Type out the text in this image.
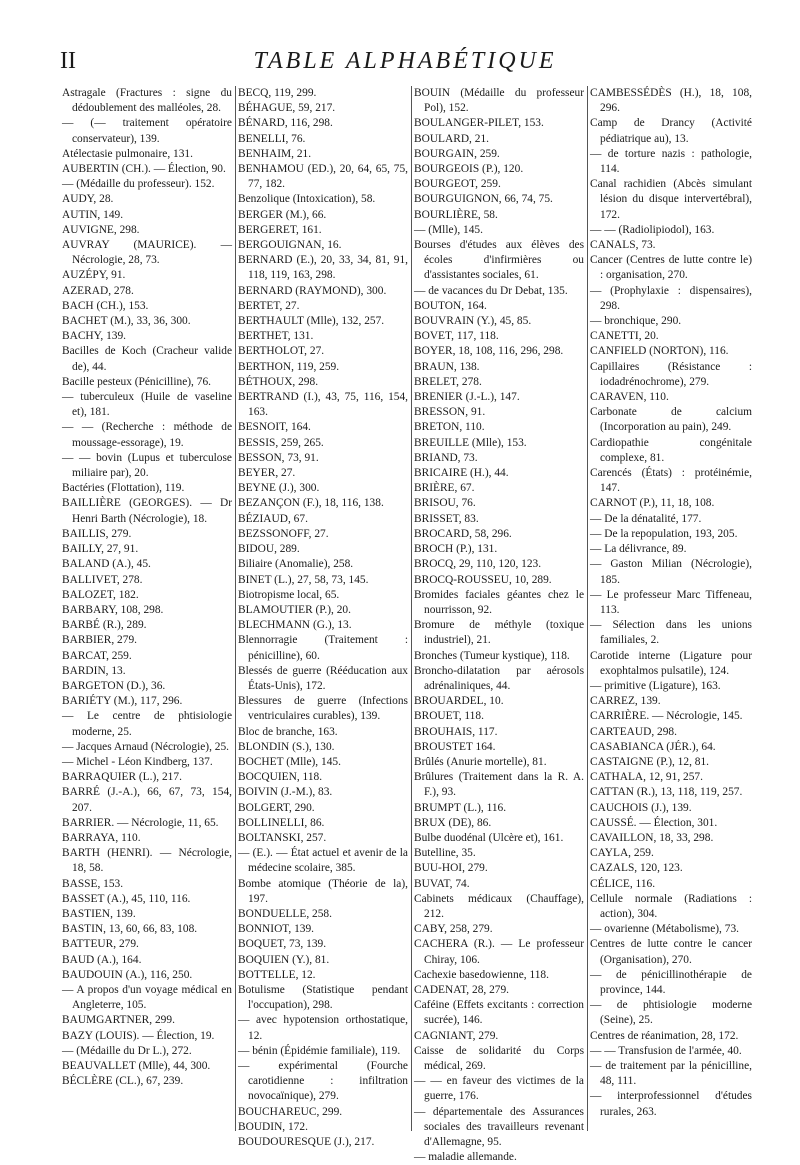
II	TABLE ALPHABÉTIQUE

Astragale (Fractures : signe du dédoublement des malléoles, 28.

— (— traitement opératoire conservateur), 139.

Atélectasie pulmonaire, 131.

AUBERTIN (CH.). — Élection, 90.

— (Médaille du professeur). 152.

AUDY, 28.

AUTIN, 149.

AUVIGNE, 298.

AUVRAY (MAURICE). — Nécrologie, 28, 73.

AUZÉPY, 91.

AZERAD, 278.

BACH (CH.), 153.

BACHET (M.), 33, 36, 300.

BACHY, 139.

Bacilles de Koch (Cracheur valide de), 44.

Bacille pesteux (Pénicilline), 76.

— tuberculeux (Huile de vaseline et), 181.

— — (Recherche : méthode de moussage-essorage), 19.

— — bovin (Lupus et tuberculose miliaire par), 20.

Bactéries (Flottation), 119.

BAILLIÈRE (GEORGES). — Dr Henri Barth (Nécrologie), 18.

BAILLIS, 279.

BAILLY, 27, 91.

BALAND (A.), 45.

BALLIVET, 278.

BALOZET, 182.

BARBARY, 108, 298.

BARBÉ (R.), 289.

BARBIER, 279.

BARCAT, 259.

BARDIN, 13.

BARGETON (D.), 36.

BARIÉTY (M.), 117, 296.

— Le centre de phtisiologie moderne, 25.

— Jacques Arnaud (Nécrologie), 25.

— Michel - Léon Kindberg, 137.

BARRAQUIER (L.), 217.

BARRÉ (J.-A.), 66, 67, 73, 154, 207.

BARRIER. — Nécrologie, 11, 65.

BARRAYA, 110.

BARTH (HENRI). — Nécrologie, 18, 58.

BASSE, 153.

BASSET (A.), 45, 110, 116.

BASTIEN, 139.

BASTIN, 13, 60, 66, 83, 108.

BATTEUR, 279.

BAUD (A.), 164.

BAUDOUIN (A.), 116, 250.

— A propos d'un voyage médical en Angleterre, 105.

BAUMGARTNER, 299.

BAZY (LOUIS). — Élection, 19.

— (Médaille du Dr L.), 272.

BEAUVALLET (Mlle), 44, 300.

BÉCLÈRE (CL.), 67, 239.

BECQ, 119, 299.

BÉHAGUE, 59, 217.

BÉNARD, 116, 298.

BENELLI, 76.

BENHAIM, 21.

BENHAMOU (ED.), 20, 64, 65, 75, 77, 182.

Benzolique (Intoxication), 58.

BERGER (M.), 66.

BERGERET, 161.

BERGOUIGNAN, 16.

BERNARD (E.), 20, 33, 34, 81, 91, 118, 119, 163, 298.

BERNARD (RAYMOND), 300.

BERTET, 27.

BERTHAULT (Mlle), 132, 257.

BERTHET, 131.

BERTHOLOT, 27.

BERTHON, 119, 259.

BÉTHOUX, 298.

BERTRAND (I.), 43, 75, 116, 154, 163.

BESNOIT, 164.

BESSIS, 259, 265.

BESSON, 73, 91.

BEYER, 27.

BEYNE (J.), 300.

BEZANÇON (F.), 18, 116, 138.

BÉZIAUD, 67.

BEZSSONOFF, 27.

BIDOU, 289.

Biliaire (Anomalie), 258.

BINET (L.), 27, 58, 73, 145.

Biotropisme local, 65.

BLAMOUTIER (P.), 20.

BLECHMANN (G.), 13.

Blennorragie (Traitement : pénicilline), 60.

Blessés de guerre (Rééducation aux États-Unis), 172.

Blessures de guerre (Infections ventriculaires curables), 139.

Bloc de branche, 163.

BLONDIN (S.), 130.

BOCHET (Mlle), 145.

BOCQUIEN, 118.

BOIVIN (J.-M.), 83.

BOLGERT, 290.

BOLLINELLI, 86.

BOLTANSKI, 257.

— (E.). — État actuel et avenir de la médecine scolaire, 385.

Bombe atomique (Théorie de la), 197.

BONDUELLE, 258.

BONNIOT, 139.

BOQUET, 73, 139.

BOQUIEN (Y.), 81.

BOTTELLE, 12.

Botulisme (Statistique pendant l'occupation), 298.

— avec hypotension orthostatique, 12.

— bénin (Épidémie familiale), 119.

— expérimental (Fourche carotidienne : infiltration novocaïnique), 279.

BOUCHAREUC, 299.

BOUDIN, 172.

BOUDOURESQUE (J.), 217.

BOUIN (Médaille du professeur Pol), 152.

BOULANGER-PILET, 153.

BOULARD, 21.

BOURGAIN, 259.

BOURGEOIS (P.), 120.

BOURGEOT, 259.

BOURGUIGNON, 66, 74, 75.

BOURLIÈRE, 58.

— (Mlle), 145.

Bourses d'études aux élèves des écoles d'infirmières ou d'assistantes sociales, 61.

— de vacances du Dr Debat, 135.

BOUTON, 164.

BOUVRAIN (Y.), 45, 85.

BOVET, 117, 118.

BOYER, 18, 108, 116, 296, 298.

BRAUN, 138.

BRELET, 278.

BRENIER (J.-L.), 147.

BRESSON, 91.

BRETON, 110.

BREUILLE (Mlle), 153.

BRIAND, 73.

BRICAIRE (H.), 44.

BRIÈRE, 67.

BRISOU, 76.

BRISSET, 83.

BROCARD, 58, 296.

BROCH (P.), 131.

BROCQ, 29, 110, 120, 123.

BROCQ-ROUSSEU, 10, 289.

Bromides faciales géantes chez le nourrisson, 92.

Bromure de méthyle (toxique industriel), 21.

Bronches (Tumeur kystique), 118.

Broncho-dilatation par aérosols adrénaliniques, 44.

BROUARDEL, 10.

BROUET, 118.

BROUHAIS, 117.

BROUSTET 164.

Brûlés (Anurie mortelle), 81.

Brûlures (Traitement dans la R. A. F.), 93.

BRUMPT (L.), 116.

BRUX (DE), 86.

Bulbe duodénal (Ulcère et), 161.

Butelline, 35.

BUU-HOI, 279.

BUVAT, 74.

Cabinets médicaux (Chauffage), 212.

CABY, 258, 279.

CACHERA (R.). — Le professeur Chiray, 106.

Cachexie basedowienne, 118.

CADENAT, 28, 279.

Caféine (Effets excitants : correction sucrée), 146.

CAGNIANT, 279.

Caisse de solidarité du Corps médical, 269.

— — en faveur des victimes de la guerre, 176.

— départementale des Assurances sociales des travailleurs revenant d'Allemagne, 95.

— maladie allemande.

CAMBESSÉDÈS (H.), 18, 108, 296.

Camp de Drancy (Activité pédiatrique au), 13.

— de torture nazis : pathologie, 114.

Canal rachidien (Abcès simulant lésion du disque intervertébral), 172.

— — (Radiolipiodol), 163.

CANALS, 73.

Cancer (Centres de lutte contre le) : organisation, 270.

— (Prophylaxie : dispensaires), 298.

— bronchique, 290.

CANETTI, 20.

CANFIELD (NORTON), 116.

Capillaires (Résistance : iodadrénochrome), 279.

CARAVEN, 110.

Carbonate de calcium (Incorporation au pain), 249.

Cardiopathie congénitale complexe, 81.

Carencés (États) : protéinémie, 147.

CARNOT (P.), 11, 18, 108.

— De la dénatalité, 177.

— De la repopulation, 193, 205.

— La délivrance, 89.

— Gaston Milian (Nécrologie), 185.

— Le professeur Marc Tiffeneau, 113.

— Sélection dans les unions familiales, 2.

Carotide interne (Ligature pour exophtalmos pulsatile), 124.

— primitive (Ligature), 163.

CARREZ, 139.

CARRIÈRE. — Nécrologie, 145.

CARTEAUD, 298.

CASABIANCA (JÉR.), 64.

CASTAIGNE (P.), 12, 81.

CATHALA, 12, 91, 257.

CATTAN (R.), 13, 118, 119, 257.

CAUCHOIS (J.), 139.

CAUSSÉ. — Élection, 301.

CAVAILLON, 18, 33, 298.

CAYLA, 259.

CAZALS, 120, 123.

CÉLICE, 116.

Cellule normale (Radiations : action), 304.

— ovarienne (Métabolisme), 73.

Centres de lutte contre le cancer (Organisation), 270.

— de pénicillinothérapie de province, 144.

— de phtisiologie moderne (Seine), 25.

Centres de réanimation, 28, 172.

— — Transfusion de l'armée, 40.

— de traitement par la pénicilline, 48, 111.

— interprofessionnel d'études rurales, 263.
